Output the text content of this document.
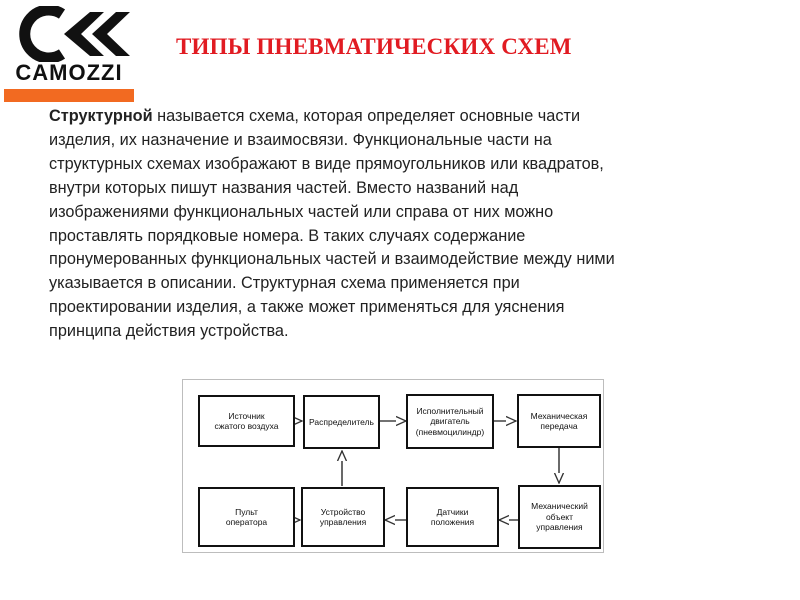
CAMOZZI
ТИПЫ ПНЕВМАТИЧЕСКИХ СХЕМ
Структурной называется схема, которая определяет основные части
изделия, их назначение и взаимосвязи. Функциональные части на
структурных схемах изображают в виде прямоугольников или квадратов,
внутри которых пишут названия частей. Вместо названий над
изображениями функциональных частей или справа от них можно
проставлять порядковые номера. В таких случаях содержание
пронумерованных функциональных частей и взаимодействие между ними
указывается в описании. Структурная схема применяется при
проектировании изделия, а также может применяться для уяснения
принципа действия устройства.
Источник
сжатого воздуха	Распределитель
Исполнительный
двигатель
(пневмоцилиндр)
Механическая
передача
Пульт
оператора
Устройство
управления
Датчики
положения
Механический
объект
управления
